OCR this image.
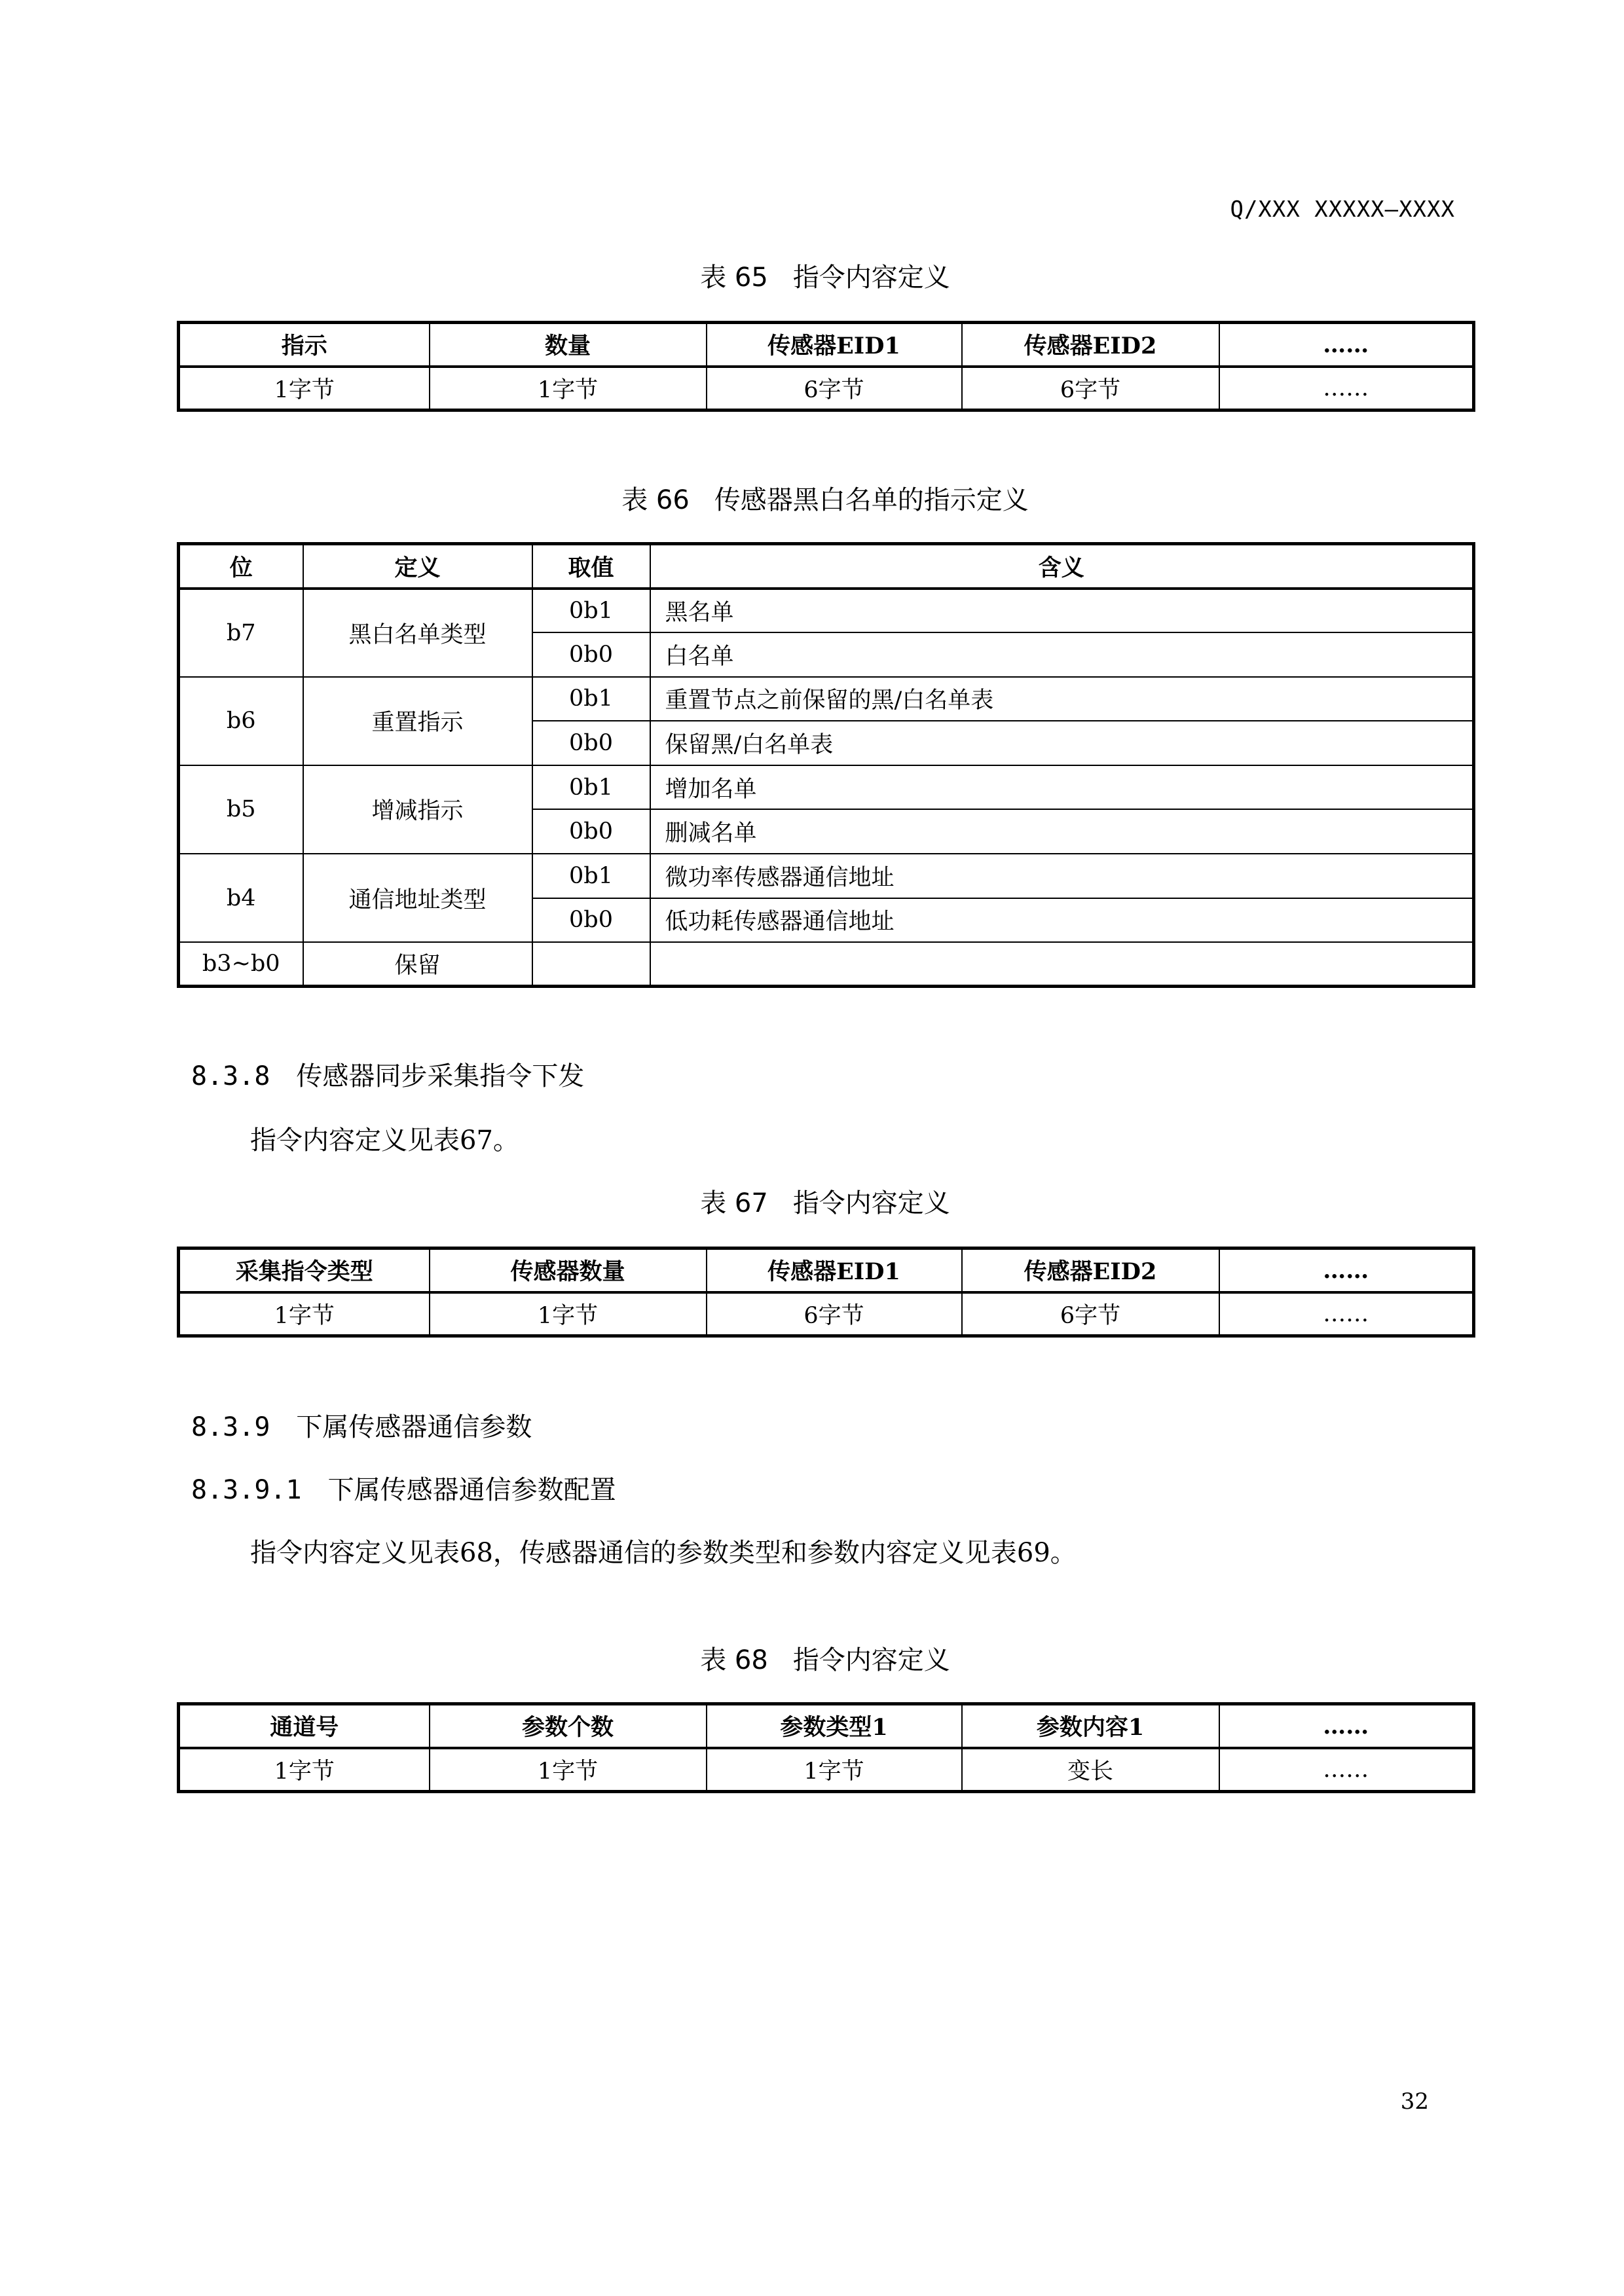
Q/XXX XXXXX—XXXX
表 65 指令内容定义
指示	数量	传感器EID1	传感器EID2	……
1字节	1字节	6字节	6字节	……
表 66 传感器黑白名单的指示定义
位	定义	取值	含义
b7	黑白名单类型	0b1	黑名单
		0b0	白名单
b6	重置指示	0b1	重置节点之前保留的黑/白名单表
		0b0	保留黑/白名单表
b5	增减指示	0b1	增加名单
		0b0	删减名单
b4	通信地址类型	0b1	微功率传感器通信地址
		0b0	低功耗传感器通信地址
b3~b0	保留		
8.3.8 传感器同步采集指令下发
指令内容定义见表67。
表 67 指令内容定义
采集指令类型	传感器数量	传感器EID1	传感器EID2	……
1字节	1字节	6字节	6字节	……
8.3.9 下属传感器通信参数
8.3.9.1 下属传感器通信参数配置
指令内容定义见表68，传感器通信的参数类型和参数内容定义见表69。
表 68 指令内容定义
通道号	参数个数	参数类型1	参数内容1	……
1字节	1字节	1字节	变长	……
32
